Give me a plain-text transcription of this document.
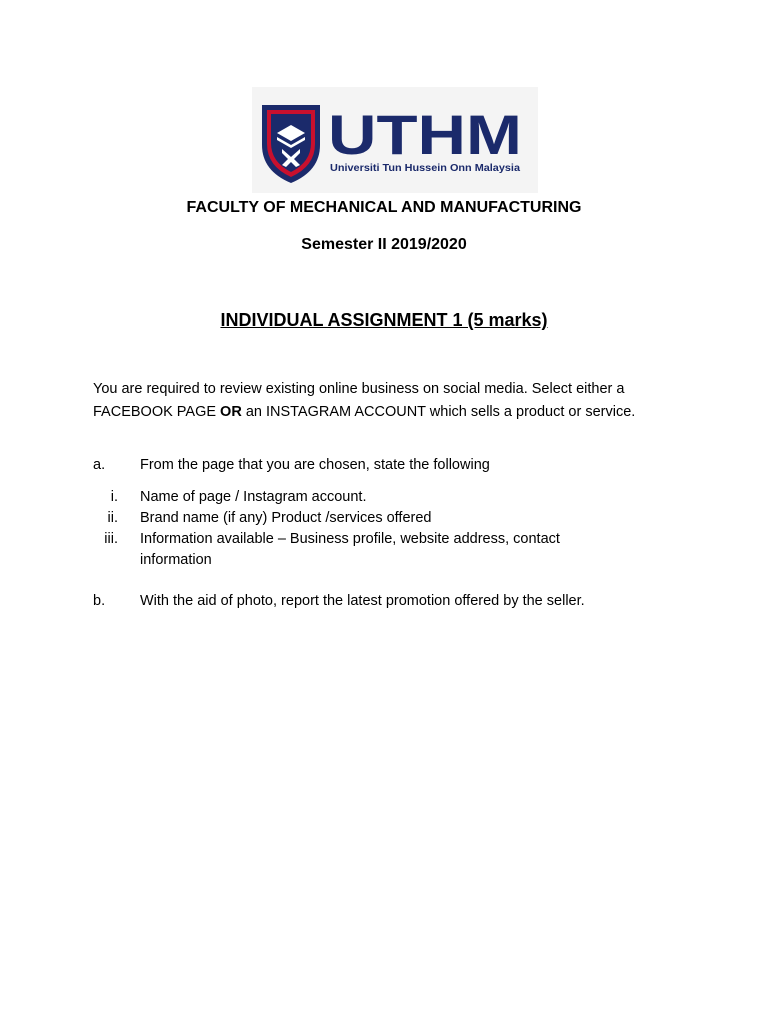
UTHM
Universiti Tun Hussein Onn Malaysia
FACULTY OF MECHANICAL AND MANUFACTURING
Semester II 2019/2020
INDIVIDUAL ASSIGNMENT 1 (5 marks)

You are required to review existing online business on social media. Select either a FACEBOOK PAGE OR an INSTAGRAM ACCOUNT which sells a product or service.

a. From the page that you are chosen, state the following
i. Name of page / Instagram account.
ii. Brand name (if any) Product /services offered
iii. Information available – Business profile, website address, contact information
b. With the aid of photo, report the latest promotion offered by the seller.
